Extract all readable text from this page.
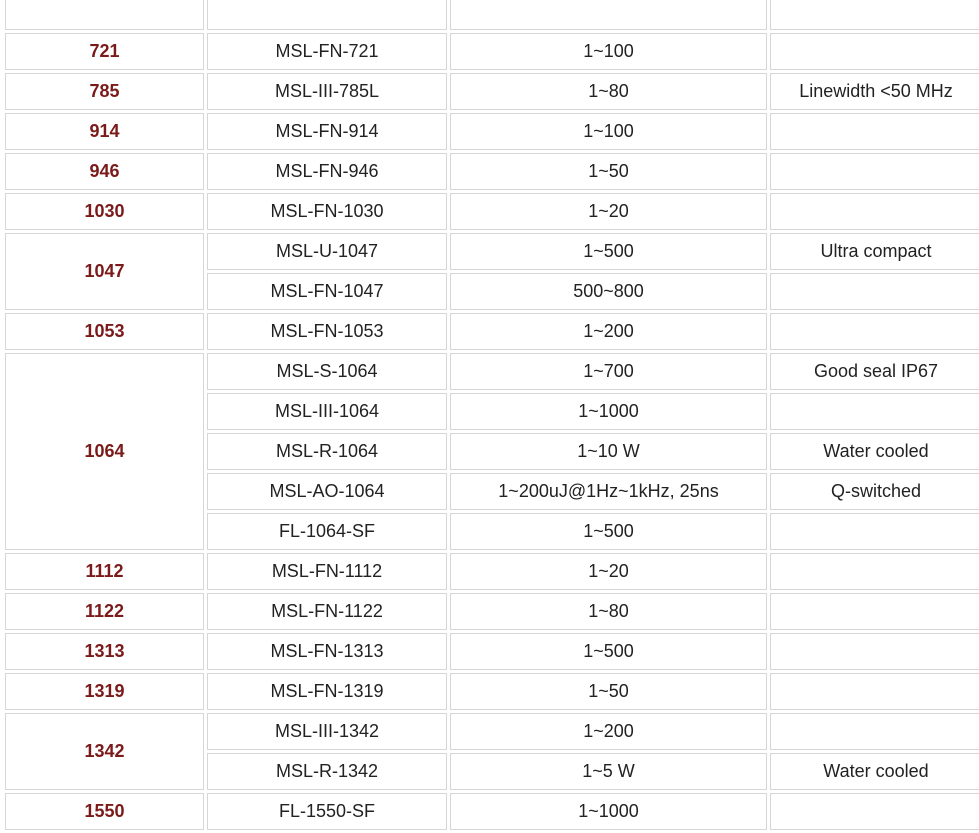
721	MSL-FN-721	1~100	
785	MSL-III-785L	1~80	Linewidth <50 MHz
914	MSL-FN-914	1~100	
946	MSL-FN-946	1~50	
1030	MSL-FN-1030	1~20	
1047	MSL-U-1047	1~500	Ultra compact
	MSL-FN-1047	500~800	
1053	MSL-FN-1053	1~200	
1064	MSL-S-1064	1~700	Good seal IP67
	MSL-III-1064	1~1000	
	MSL-R-1064	1~10 W	Water cooled
	MSL-AO-1064	1~200uJ@1Hz~1kHz, 25ns	Q-switched
	FL-1064-SF	1~500	
1112	MSL-FN-1112	1~20	
1122	MSL-FN-1122	1~80	
1313	MSL-FN-1313	1~500	
1319	MSL-FN-1319	1~50	
1342	MSL-III-1342	1~200	
	MSL-R-1342	1~5 W	Water cooled
1550	FL-1550-SF	1~1000	
